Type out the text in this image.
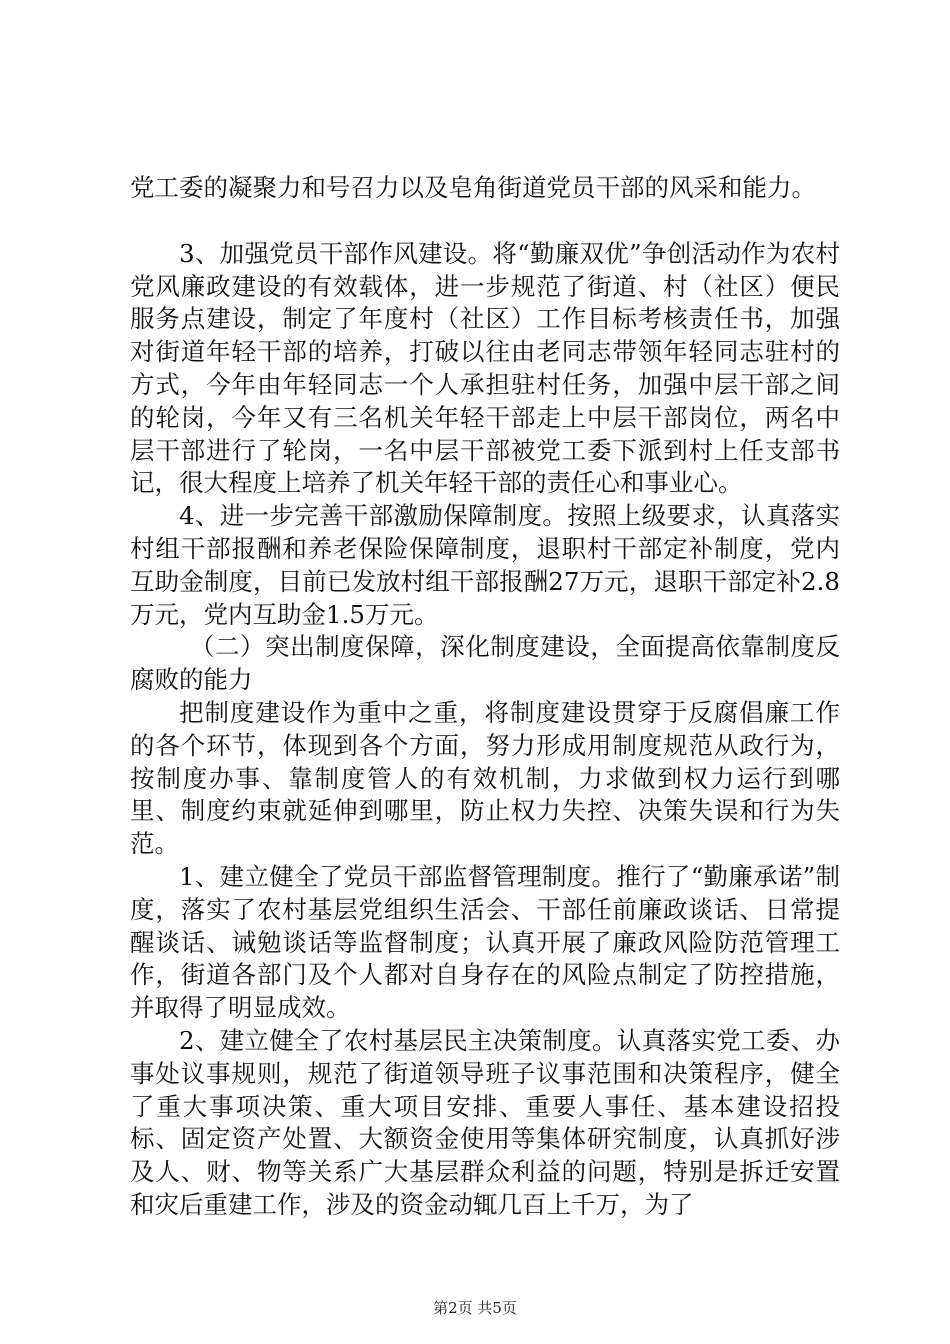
党工委的凝聚力和号召力以及皂角街道党员干部的风采和能力。

3、加强党员干部作风建设。将“勤廉双优”争创活动作为农村党风廉政建设的有效载体，进一步规范了街道、村（社区）便民服务点建设，制定了年度村（社区）工作目标考核责任书，加强对街道年轻干部的培养，打破以往由老同志带领年轻同志驻村的方式，今年由年轻同志一个人承担驻村任务，加强中层干部之间的轮岗，今年又有三名机关年轻干部走上中层干部岗位，两名中层干部进行了轮岗，一名中层干部被党工委下派到村上任支部书记，很大程度上培养了机关年轻干部的责任心和事业心。

4、进一步完善干部激励保障制度。按照上级要求，认真落实村组干部报酬和养老保险保障制度，退职村干部定补制度，党内互助金制度，目前已发放村组干部报酬27万元，退职干部定补2.8万元，党内互助金1.5万元。

（二）突出制度保障，深化制度建设，全面提高依靠制度反腐败的能力

把制度建设作为重中之重，将制度建设贯穿于反腐倡廉工作的各个环节，体现到各个方面，努力形成用制度规范从政行为，按制度办事、靠制度管人的有效机制，力求做到权力运行到哪里、制度约束就延伸到哪里，防止权力失控、决策失误和行为失范。

1、建立健全了党员干部监督管理制度。推行了“勤廉承诺”制度，落实了农村基层党组织生活会、干部任前廉政谈话、日常提醒谈话、诫勉谈话等监督制度；认真开展了廉政风险防范管理工作，街道各部门及个人都对自身存在的风险点制定了防控措施，并取得了明显成效。

2、建立健全了农村基层民主决策制度。认真落实党工委、办事处议事规则，规范了街道领导班子议事范围和决策程序，健全了重大事项决策、重大项目安排、重要人事任、基本建设招投标、固定资产处置、大额资金使用等集体研究制度，认真抓好涉及人、财、物等关系广大基层群众利益的问题，特别是拆迁安置和灾后重建工作，涉及的资金动辄几百上千万，为了

第2页 共5页
